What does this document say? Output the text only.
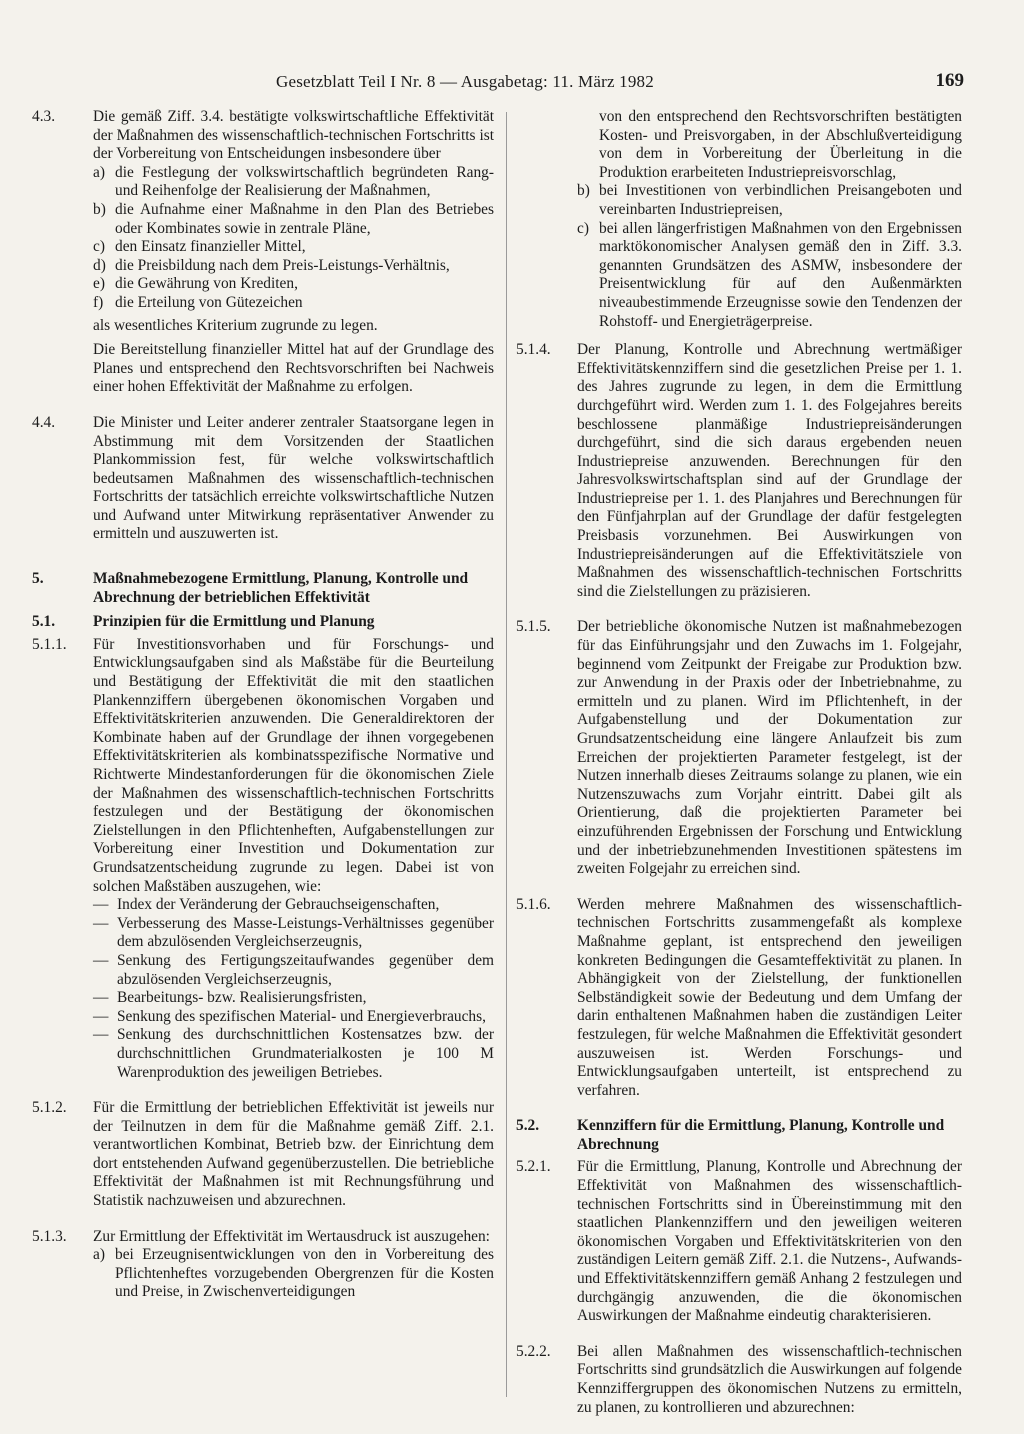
Gesetzblatt Teil I Nr. 8 — Ausgabetag: 11. März 1982	169
4.3. Die gemäß Ziff. 3.4. bestätigte volkswirtschaftliche Effektivität der Maßnahmen des wissenschaftlich-technischen Fortschritts ist der Vorbereitung von Entscheidungen insbesondere über

a) die Festlegung der volkswirtschaftlich begründeten Rang- und Reihenfolge der Realisierung der Maßnahmen,
b) die Aufnahme einer Maßnahme in den Plan des Betriebes oder Kombinates sowie in zentrale Pläne,
c) den Einsatz finanzieller Mittel,
d) die Preisbildung nach dem Preis-Leistungs-Verhältnis,
e) die Gewährung von Krediten,
f) die Erteilung von Gütezeichen

als wesentliches Kriterium zugrunde zu legen.

Die Bereitstellung finanzieller Mittel hat auf der Grundlage des Planes und entsprechend den Rechtsvorschriften bei Nachweis einer hohen Effektivität der Maßnahme zu erfolgen.

4.4. Die Minister und Leiter anderer zentraler Staatsorgane legen in Abstimmung mit dem Vorsitzenden der Staatlichen Plankommission fest, für welche volkswirtschaftlich bedeutsamen Maßnahmen des wissenschaftlich-technischen Fortschritts der tatsächlich erreichte volkswirtschaftliche Nutzen und Aufwand unter Mitwirkung repräsentativer Anwender zu ermitteln und auszuwerten ist.

5.	Maßnahmebezogene Ermittlung, Planung, Kontrolle und Abrechnung der betrieblichen Effektivität

5.1. Prinzipien für die Ermittlung und Planung

5.1.1. Für Investitionsvorhaben und für Forschungs- und Entwicklungsaufgaben sind als Maßstäbe für die Beurteilung und Bestätigung der Effektivität die mit den staatlichen Plankennziffern übergebenen ökonomischen Vorgaben und Effektivitätskriterien anzuwenden. Die Generaldirektoren der Kombinate haben auf der Grundlage der ihnen vorgegebenen Effektivitätskriterien als kombinatsspezifische Normative und Richtwerte Mindestanforderungen für die ökonomischen Ziele der Maßnahmen des wissenschaftlich-technischen Fortschritts festzulegen und der Bestätigung der ökonomischen Zielstellungen in den Pflichtenheften, Aufgabenstellungen zur Vorbereitung einer Investition und Dokumentation zur Grundsatzentscheidung zugrunde zu legen. Dabei ist von solchen Maßstäben auszugehen, wie:

— Index der Veränderung der Gebrauchseigenschaften,
— Verbesserung des Masse-Leistungs-Verhältnisses gegenüber dem abzulösenden Vergleichserzeugnis,
— Senkung des Fertigungszeitaufwandes gegenüber dem abzulösenden Vergleichserzeugnis,
— Bearbeitungs- bzw. Realisierungsfristen,
— Senkung des spezifischen Material- und Energieverbrauchs,
— Senkung des durchschnittlichen Kostensatzes bzw. der durchschnittlichen Grundmaterialkosten je 100 M Warenproduktion des jeweiligen Betriebes.
5.1.2. Für die Ermittlung der betrieblichen Effektivität ist jeweils nur der Teilnutzen in dem für die Maßnahme gemäß Ziff. 2.1. verantwortlichen Kombinat, Betrieb bzw. der Einrichtung dem dort entstehenden Aufwand gegenüberzustellen. Die betriebliche Effektivität der Maßnahmen ist mit Rechnungsführung und Statistik nachzuweisen und abzurechnen.

5.1.3. Zur Ermittlung der Effektivität im Wertausdruck ist auszugehen:

a) bei Erzeugnisentwicklungen von den in Vorbereitung des Pflichtenheftes vorzugebenden Obergrenzen für die Kosten und Preise, in Zwischenverteidigungen
von den entsprechend den Rechtsvorschriften bestätigten Kosten- und Preisvorgaben, in der Abschlußverteidigung von dem in Vorbereitung der Überleitung in die Produktion erarbeiteten Industriepreisvorschlag,
b) bei Investitionen von verbindlichen Preisangeboten und vereinbarten Industriepreisen,
c) bei allen längerfristigen Maßnahmen von den Ergebnissen marktökonomischer Analysen gemäß den in Ziff. 3.3. genannten Grundsätzen des ASMW, insbesondere der Preisentwicklung für auf den Außenmärkten niveaubestimmende Erzeugnisse sowie den Tendenzen der Rohstoff- und Energieträgerpreise.
5.1.4. Der Planung, Kontrolle und Abrechnung wertmäßiger Effektivitätskennziffern sind die gesetzlichen Preise per 1. 1. des Jahres zugrunde zu legen, in dem die Ermittlung durchgeführt wird. Werden zum 1. 1. des Folgejahres bereits beschlossene planmäßige Industriepreisänderungen durchgeführt, sind die sich daraus ergebenden neuen Industriepreise anzuwenden. Berechnungen für den Jahresvolkswirtschaftsplan sind auf der Grundlage der Industriepreise per 1. 1. des Planjahres und Berechnungen für den Fünfjahrplan auf der Grundlage der dafür festgelegten Preisbasis vorzunehmen. Bei Auswirkungen von Industriepreisänderungen auf die Effektivitätsziele von Maßnahmen des wissenschaftlich-technischen Fortschritts sind die Zielstellungen zu präzisieren.

5.1.5. Der betriebliche ökonomische Nutzen ist maßnahmebezogen für das Einführungsjahr und den Zuwachs im 1. Folgejahr, beginnend vom Zeitpunkt der Freigabe zur Produktion bzw. zur Anwendung in der Praxis oder der Inbetriebnahme, zu ermitteln und zu planen. Wird im Pflichtenheft, in der Aufgabenstellung und der Dokumentation zur Grundsatzentscheidung eine längere Anlaufzeit bis zum Erreichen der projektierten Parameter festgelegt, ist der Nutzen innerhalb dieses Zeitraums solange zu planen, wie ein Nutzenszuwachs zum Vorjahr eintritt. Dabei gilt als Orientierung, daß die projektierten Parameter bei einzuführenden Ergebnissen der Forschung und Entwicklung und der inbetriebzunehmenden Investitionen spätestens im zweiten Folgejahr zu erreichen sind.

5.1.6. Werden mehrere Maßnahmen des wissenschaftlich-technischen Fortschritts zusammengefaßt als komplexe Maßnahme geplant, ist entsprechend den jeweiligen konkreten Bedingungen die Gesamteffektivität zu planen. In Abhängigkeit von der Zielstellung, der funktionellen Selbständigkeit sowie der Bedeutung und dem Umfang der darin enthaltenen Maßnahmen haben die zuständigen Leiter festzulegen, für welche Maßnahmen die Effektivität gesondert auszuweisen ist. Werden Forschungs- und Entwicklungsaufgaben unterteilt, ist entsprechend zu verfahren.

5.2. Kennziffern für die Ermittlung, Planung, Kontrolle und Abrechnung

5.2.1. Für die Ermittlung, Planung, Kontrolle und Abrechnung der Effektivität von Maßnahmen des wissenschaftlich-technischen Fortschritts sind in Übereinstimmung mit den staatlichen Plankennziffern und den jeweiligen weiteren ökonomischen Vorgaben und Effektivitätskriterien von den zuständigen Leitern gemäß Ziff. 2.1. die Nutzens-, Aufwands- und Effektivitätskennziffern gemäß Anhang 2 festzulegen und durchgängig anzuwenden, die die ökonomischen Auswirkungen der Maßnahme eindeutig charakterisieren.

5.2.2. Bei allen Maßnahmen des wissenschaftlich-technischen Fortschritts sind grundsätzlich die Auswirkungen auf folgende Kennziffergruppen des ökonomischen Nutzens zu ermitteln, zu planen, zu kontrollieren und abzurechnen:
